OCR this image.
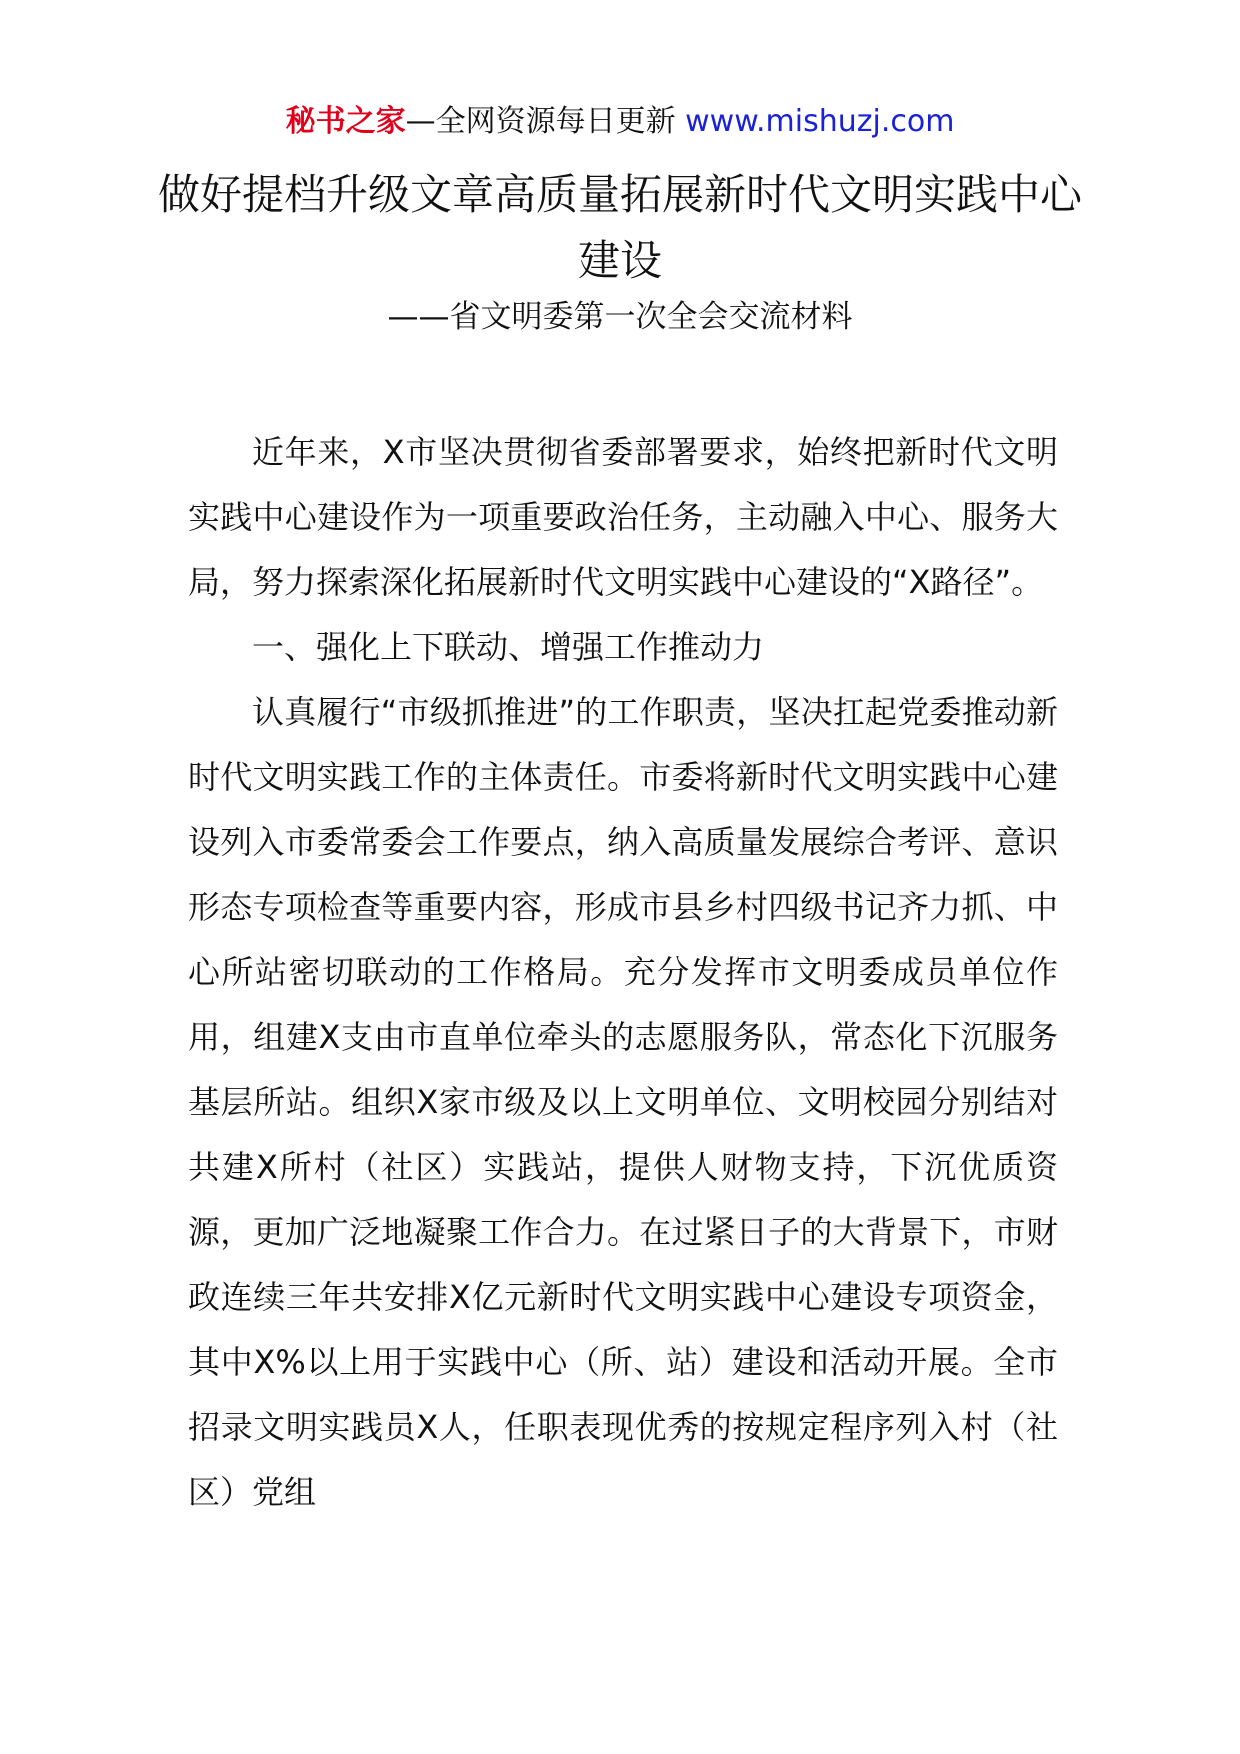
秘书之家—全网资源每日更新 www.mishuzj.com
做好提档升级文章高质量拓展新时代文明实践中心建设
——省文明委第一次全会交流材料

近年来，X市坚决贯彻省委部署要求，始终把新时代文明实践中心建设作为一项重要政治任务，主动融入中心、服务大局，努力探索深化拓展新时代文明实践中心建设的“X路径”。

一、强化上下联动、增强工作推动力

认真履行“市级抓推进”的工作职责，坚决扛起党委推动新时代文明实践工作的主体责任。市委将新时代文明实践中心建设列入市委常委会工作要点，纳入高质量发展综合考评、意识形态专项检查等重要内容，形成市县乡村四级书记齐力抓、中心所站密切联动的工作格局。充分发挥市文明委成员单位作用，组建X支由市直单位牵头的志愿服务队，常态化下沉服务基层所站。组织X家市级及以上文明单位、文明校园分别结对共建X所村（社区）实践站，提供人财物支持，下沉优质资源，更加广泛地凝聚工作合力。在过紧日子的大背景下，市财政连续三年共安排X亿元新时代文明实践中心建设专项资金，其中X%以上用于实践中心（所、站）建设和活动开展。全市招录文明实践员X人，任职表现优秀的按规定程序列入村（社区）党组
